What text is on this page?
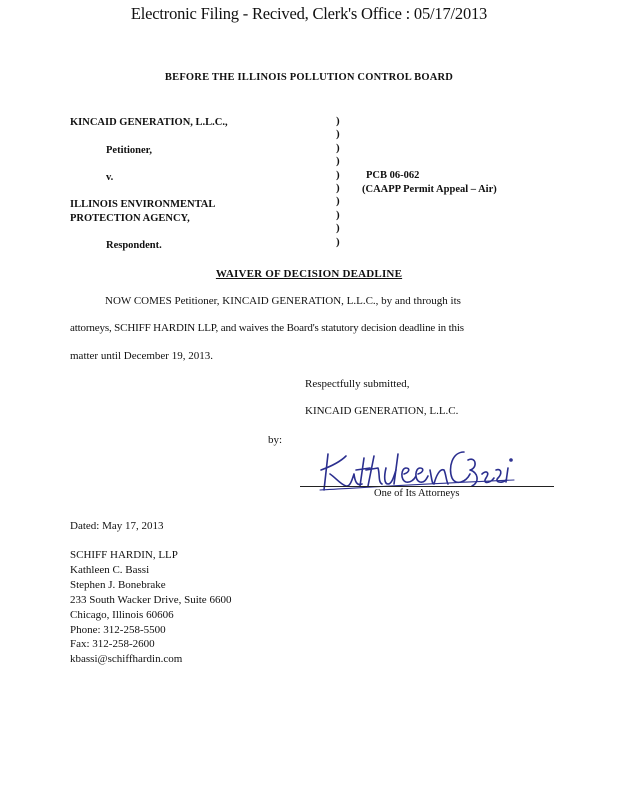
Electronic Filing - Recived, Clerk's Office : 05/17/2013
BEFORE THE ILLINOIS POLLUTION CONTROL BOARD
KINCAID GENERATION, L.L.C.,
Petitioner,
v.
ILLINOIS ENVIRONMENTAL
PROTECTION AGENCY,
Respondent.
)
)
)
)
)
)
)
)
)
)
PCB 06-062
(CAAPP Permit Appeal – Air)
WAIVER OF DECISION DEADLINE
NOW COMES Petitioner, KINCAID GENERATION, L.L.C., by and through its
attorneys, SCHIFF HARDIN LLP, and waives the Board's statutory decision deadline in this
matter until December 19, 2013.
Respectfully submitted,
KINCAID GENERATION, L.L.C.
by:
One of Its Attorneys
Dated: May 17, 2013
SCHIFF HARDIN, LLP
Kathleen C. Bassi
Stephen J. Bonebrake
233 South Wacker Drive, Suite 6600
Chicago, Illinois 60606
Phone: 312-258-5500
Fax: 312-258-2600
kbassi@schiffhardin.com
